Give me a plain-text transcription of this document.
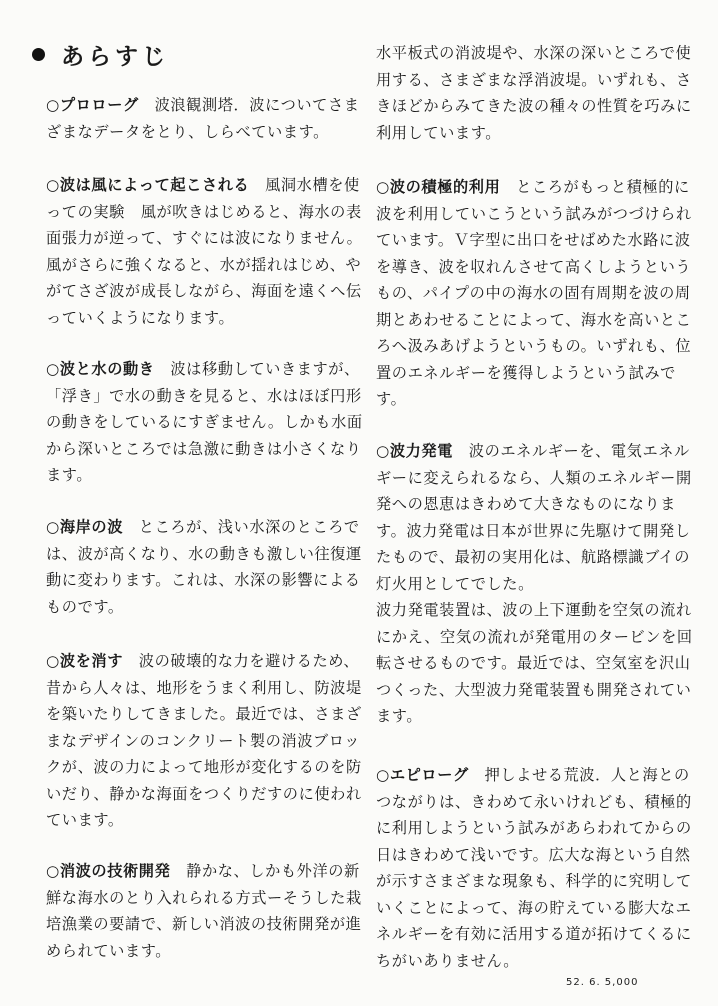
あらすじ

○ プロローグ　波浪観測塔．波についてさまざまなデータをとり、しらべています。

○ 波は風によって起こされる　風洞水槽を使っての実験　風が吹きはじめると、海水の表面張力が逆って、すぐには波になりません。風がさらに強くなると、水が揺れはじめ、やがてさざ波が成長しながら、海面を遠くへ伝っていくようになります。

○ 波と水の動き　波は移動していきますが、「浮き」で水の動きを見ると、水はほぼ円形の動きをしているにすぎません。しかも水面から深いところでは急激に動きは小さくなります。

○ 海岸の波　ところが、浅い水深のところでは、波が高くなり、水の動きも激しい往復運動に変わります。これは、水深の影響によるものです。

○ 波を消す　波の破壊的な力を避けるため、昔から人々は、地形をうまく利用し、防波堤を築いたりしてきました。最近では、さまざまなデザインのコンクリート製の消波ブロックが、波の力によって地形が変化するのを防いだり、静かな海面をつくりだすのに使われています。

○ 消波の技術開発　静かな、しかも外洋の新鮮な海水のとり入れられる方式ーそうした栽培漁業の要請で、新しい消波の技術開発が進められています。

水平板式の消波堤や、水深の深いところで使用する、さまざまな浮消波堤。いずれも、さきほどからみてきた波の種々の性質を巧みに利用しています。

○ 波の積極的利用　ところがもっと積極的に波を利用していこうという試みがつづけられています。Ｖ字型に出口をせばめた水路に波を導き、波を収れんさせて高くしようというもの、パイプの中の海水の固有周期を波の周期とあわせることによって、海水を高いところへ汲みあげようというもの。いずれも、位置のエネルギーを獲得しようという試みです。

○ 波力発電　波のエネルギーを、電気エネルギーに変えられるなら、人類のエネルギー開発への恩恵はきわめて大きなものになります。波力発電は日本が世界に先駆けて開発したもので、最初の実用化は、航路標識ブイの灯火用としてでした。

波力発電装置は、波の上下運動を空気の流れにかえ、空気の流れが発電用のタービンを回転させるものです。最近では、空気室を沢山つくった、大型波力発電装置も開発されています。

○ エピローグ　押しよせる荒波．人と海とのつながりは、きわめて永いけれども、積極的に利用しようという試みがあらわれてからの日はきわめて浅いです。広大な海という自然が示すさまざまな現象も、科学的に究明していくことによって、海の貯えている膨大なエネルギーを有効に活用する道が拓けてくるにちがいありません。

52. 6. 5,000
